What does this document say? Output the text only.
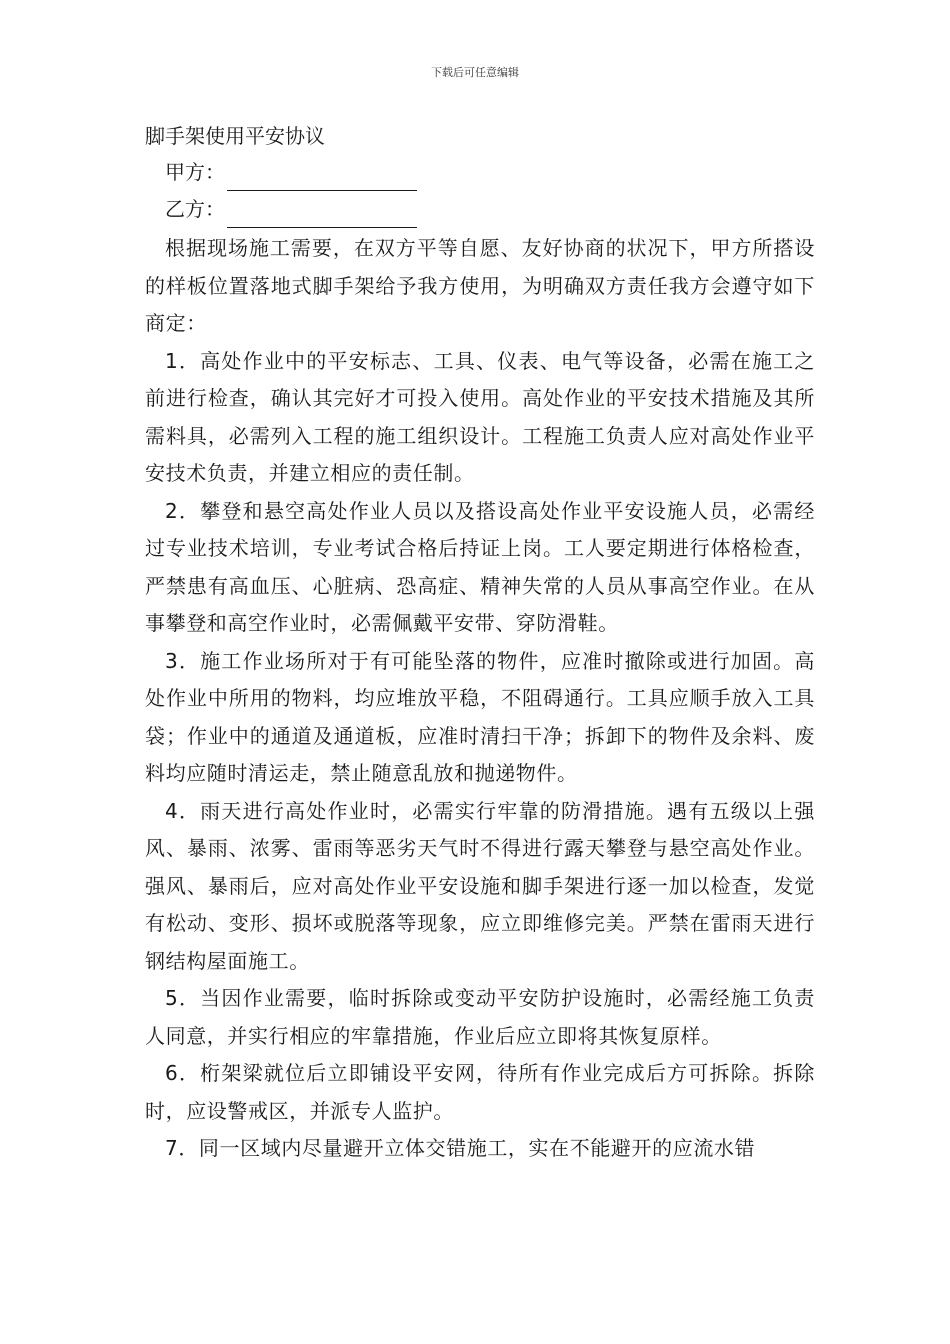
下载后可任意编辑
脚手架使用平安协议
甲方：
乙方：

根据现场施工需要，在双方平等自愿、友好协商的状况下，甲方所搭设的样板位置落地式脚手架给予我方使用，为明确双方责任我方会遵守如下商定：

1．高处作业中的平安标志、工具、仪表、电气等设备，必需在施工之前进行检查，确认其完好才可投入使用。高处作业的平安技术措施及其所需料具，必需列入工程的施工组织设计。工程施工负责人应对高处作业平安技术负责，并建立相应的责任制。

2．攀登和悬空高处作业人员以及搭设高处作业平安设施人员，必需经过专业技术培训，专业考试合格后持证上岗。工人要定期进行体格检查，严禁患有高血压、心脏病、恐高症、精神失常的人员从事高空作业。在从事攀登和高空作业时，必需佩戴平安带、穿防滑鞋。

3．施工作业场所对于有可能坠落的物件，应准时撤除或进行加固。高处作业中所用的物料，均应堆放平稳，不阻碍通行。工具应顺手放入工具袋；作业中的通道及通道板，应准时清扫干净；拆卸下的物件及余料、废料均应随时清运走，禁止随意乱放和抛递物件。

4．雨天进行高处作业时，必需实行牢靠的防滑措施。遇有五级以上强风、暴雨、浓雾、雷雨等恶劣天气时不得进行露天攀登与悬空高处作业。强风、暴雨后，应对高处作业平安设施和脚手架进行逐一加以检查，发觉有松动、变形、损坏或脱落等现象，应立即维修完美。严禁在雷雨天进行钢结构屋面施工。

5．当因作业需要，临时拆除或变动平安防护设施时，必需经施工负责人同意，并实行相应的牢靠措施，作业后应立即将其恢复原样。

6．桁架梁就位后立即铺设平安网，待所有作业完成后方可拆除。拆除时，应设警戒区，并派专人监护。

7．同一区域内尽量避开立体交错施工，实在不能避开的应流水错
